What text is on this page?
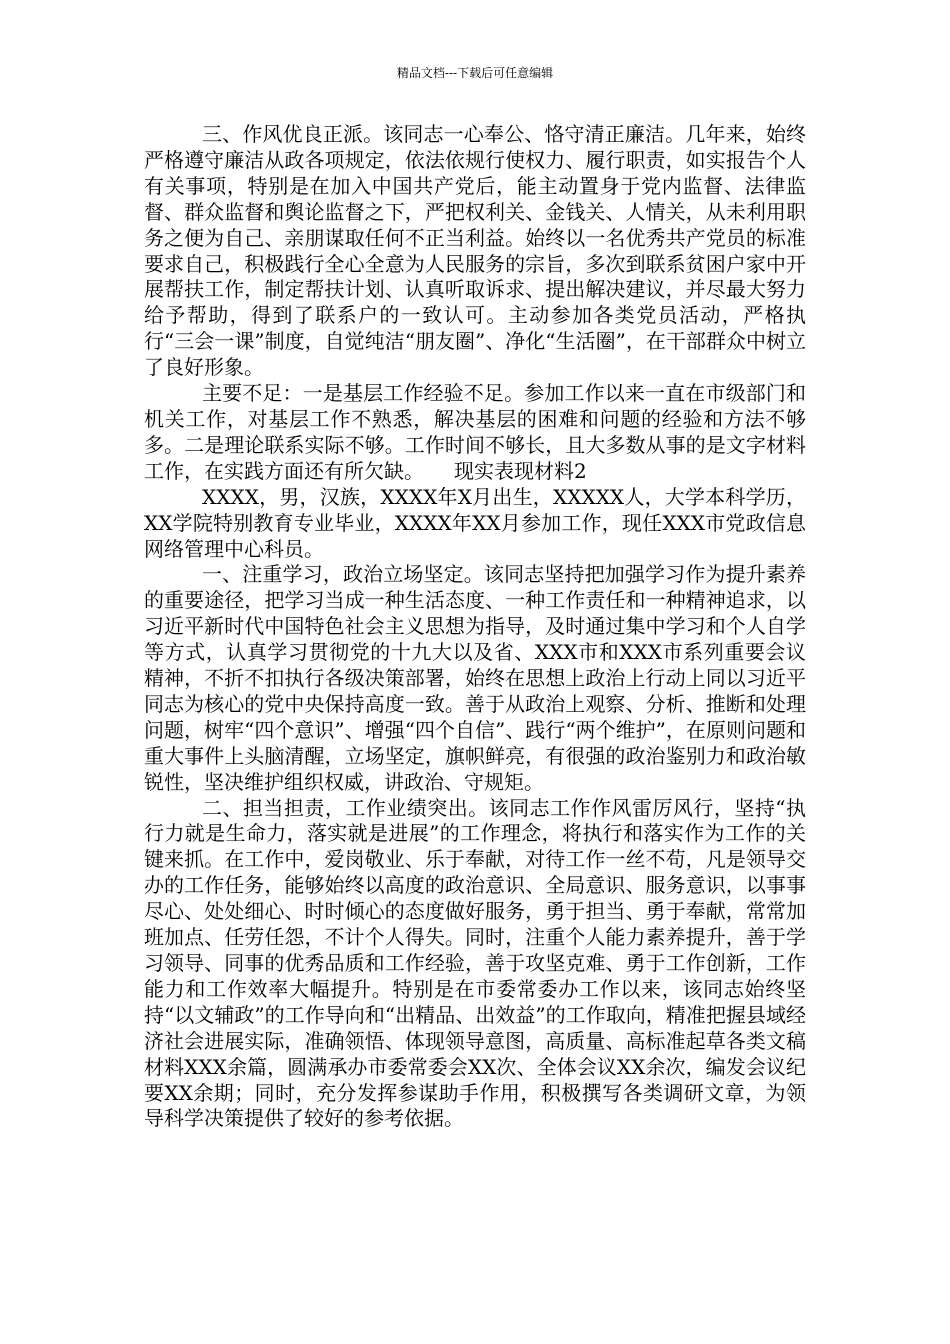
精品文档---下载后可任意编辑

三、作风优良正派。该同志一心奉公、恪守清正廉洁。几年来，始终严格遵守廉洁从政各项规定，依法依规行使权力、履行职责，如实报告个人有关事项，特别是在加入中国共产党后，能主动置身于党内监督、法律监督、群众监督和舆论监督之下，严把权利关、金钱关、人情关，从未利用职务之便为自己、亲朋谋取任何不正当利益。始终以一名优秀共产党员的标准要求自己，积极践行全心全意为人民服务的宗旨，多次到联系贫困户家中开展帮扶工作，制定帮扶计划、认真听取诉求、提出解决建议，并尽最大努力给予帮助，得到了联系户的一致认可。主动参加各类党员活动，严格执行“三会一课”制度，自觉纯洁“朋友圈”、净化“生活圈”，在干部群众中树立了良好形象。

主要不足：一是基层工作经验不足。参加工作以来一直在市级部门和机关工作，对基层工作不熟悉，解决基层的困难和问题的经验和方法不够多。二是理论联系实际不够。工作时间不够长，且大多数从事的是文字材料工作，在实践方面还有所欠缺。　　现实表现材料2

XXXX，男，汉族，XXXX年X月出生，XXXXX人，大学本科学历，XX学院特别教育专业毕业，XXXX年XX月参加工作，现任XXX市党政信息网络管理中心科员。

一、注重学习，政治立场坚定。该同志坚持把加强学习作为提升素养的重要途径，把学习当成一种生活态度、一种工作责任和一种精神追求，以习近平新时代中国特色社会主义思想为指导，及时通过集中学习和个人自学等方式，认真学习贯彻党的十九大以及省、XXX市和XXX市系列重要会议精神，不折不扣执行各级决策部署，始终在思想上政治上行动上同以习近平同志为核心的党中央保持高度一致。善于从政治上观察、分析、推断和处理问题，树牢“四个意识”、增强“四个自信”、践行“两个维护”，在原则问题和重大事件上头脑清醒，立场坚定，旗帜鲜亮，有很强的政治鉴别力和政治敏锐性，坚决维护组织权威，讲政治、守规矩。

二、担当担责，工作业绩突出。该同志工作作风雷厉风行，坚持“执行力就是生命力，落实就是进展”的工作理念，将执行和落实作为工作的关键来抓。在工作中，爱岗敬业、乐于奉献，对待工作一丝不苟，凡是领导交办的工作任务，能够始终以高度的政治意识、全局意识、服务意识，以事事尽心、处处细心、时时倾心的态度做好服务，勇于担当、勇于奉献，常常加班加点、任劳任怨，不计个人得失。同时，注重个人能力素养提升，善于学习领导、同事的优秀品质和工作经验，善于攻坚克难、勇于工作创新，工作能力和工作效率大幅提升。特别是在市委常委办工作以来，该同志始终坚持“以文辅政”的工作导向和“出精品、出效益”的工作取向，精准把握县域经济社会进展实际，准确领悟、体现领导意图，高质量、高标准起草各类文稿材料XXX余篇，圆满承办市委常委会XX次、全体会议XX余次，编发会议纪要XX余期；同时，充分发挥参谋助手作用，积极撰写各类调研文章，为领导科学决策提供了较好的参考依据。
